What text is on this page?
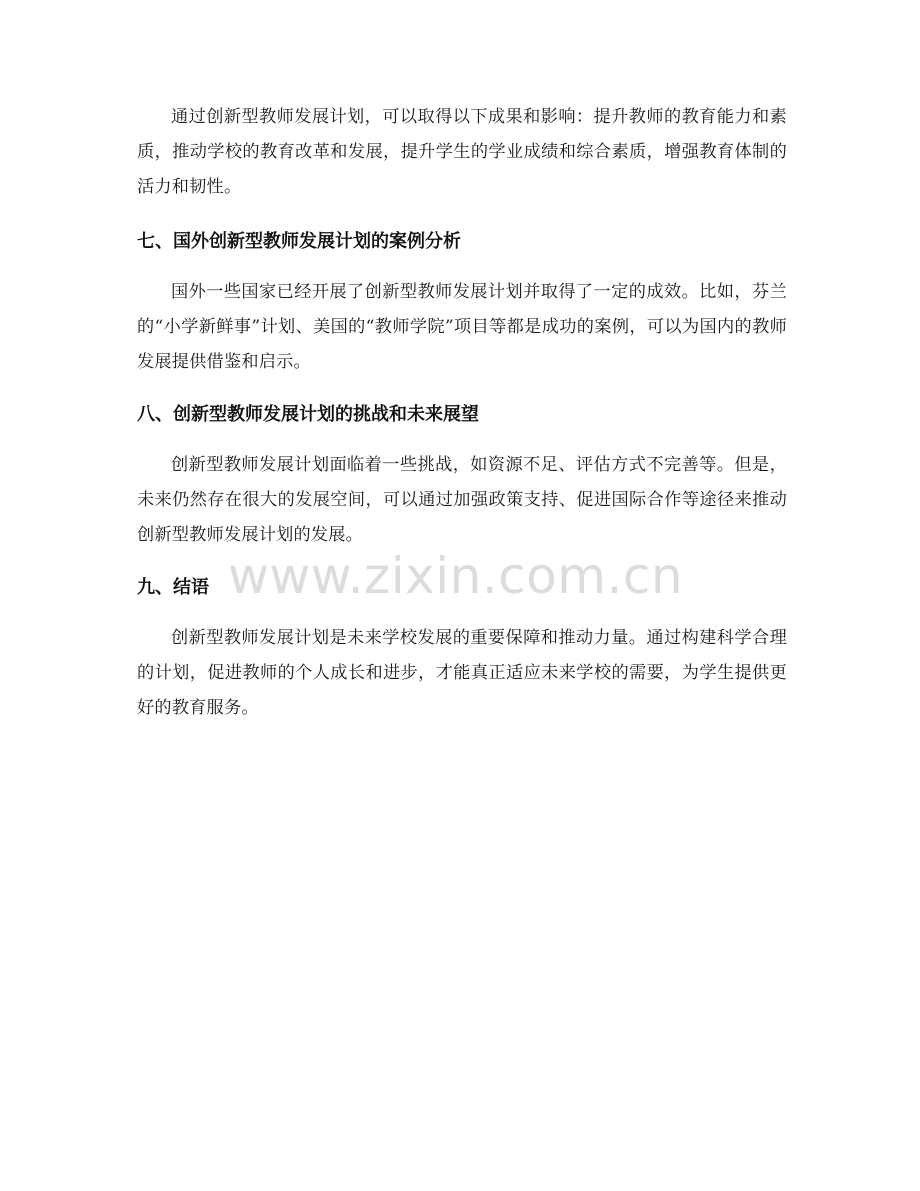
www.zixin.com.cn

通过创新型教师发展计划，可以取得以下成果和影响：提升教师的教育能力和素质，推动学校的教育改革和发展，提升学生的学业成绩和综合素质，增强教育体制的活力和韧性。

七、国外创新型教师发展计划的案例分析

国外一些国家已经开展了创新型教师发展计划并取得了一定的成效。比如，芬兰的“小学新鲜事”计划、美国的“教师学院”项目等都是成功的案例，可以为国内的教师发展提供借鉴和启示。

八、创新型教师发展计划的挑战和未来展望

创新型教师发展计划面临着一些挑战，如资源不足、评估方式不完善等。但是，未来仍然存在很大的发展空间，可以通过加强政策支持、促进国际合作等途径来推动创新型教师发展计划的发展。

九、结语

创新型教师发展计划是未来学校发展的重要保障和推动力量。通过构建科学合理的计划，促进教师的个人成长和进步，才能真正适应未来学校的需要，为学生提供更好的教育服务。
